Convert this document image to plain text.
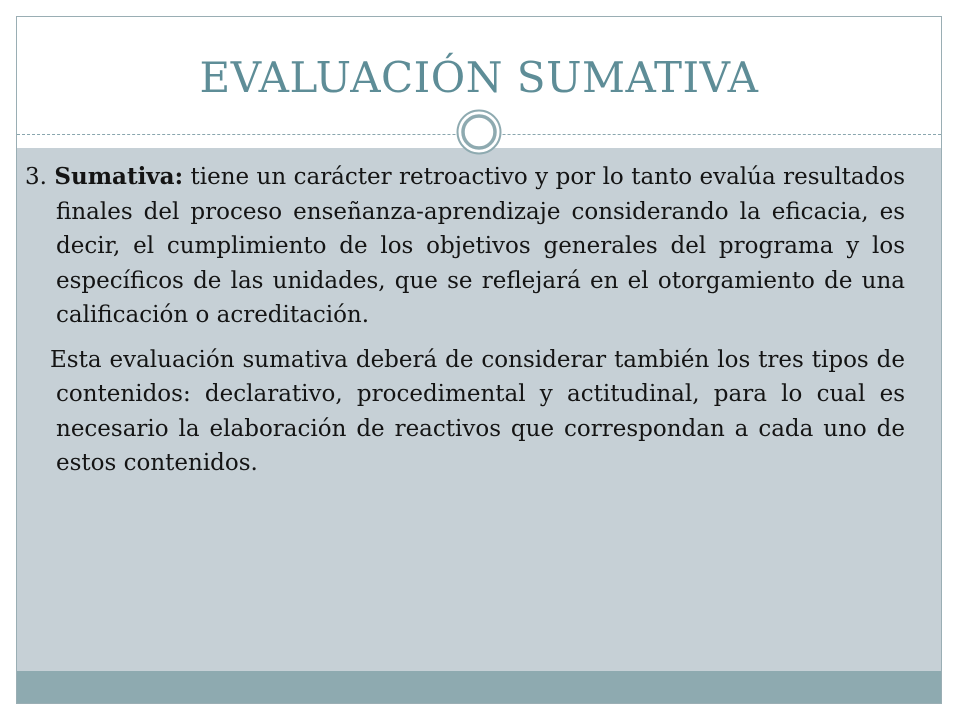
EVALUACIÓN SUMATIVA

3. Sumativa: tiene un carácter retroactivo y por lo tanto evalúa resultados finales del proceso enseñanza-aprendizaje considerando la eficacia, es decir, el cumplimiento de los objetivos generales del programa y los específicos de las unidades, que se reflejará en el otorgamiento de una calificación o acreditación.

Esta evaluación sumativa deberá de considerar también los tres tipos de contenidos: declarativo, procedimental y actitudinal, para lo cual es necesario la elaboración de reactivos que correspondan a cada uno de estos contenidos.
